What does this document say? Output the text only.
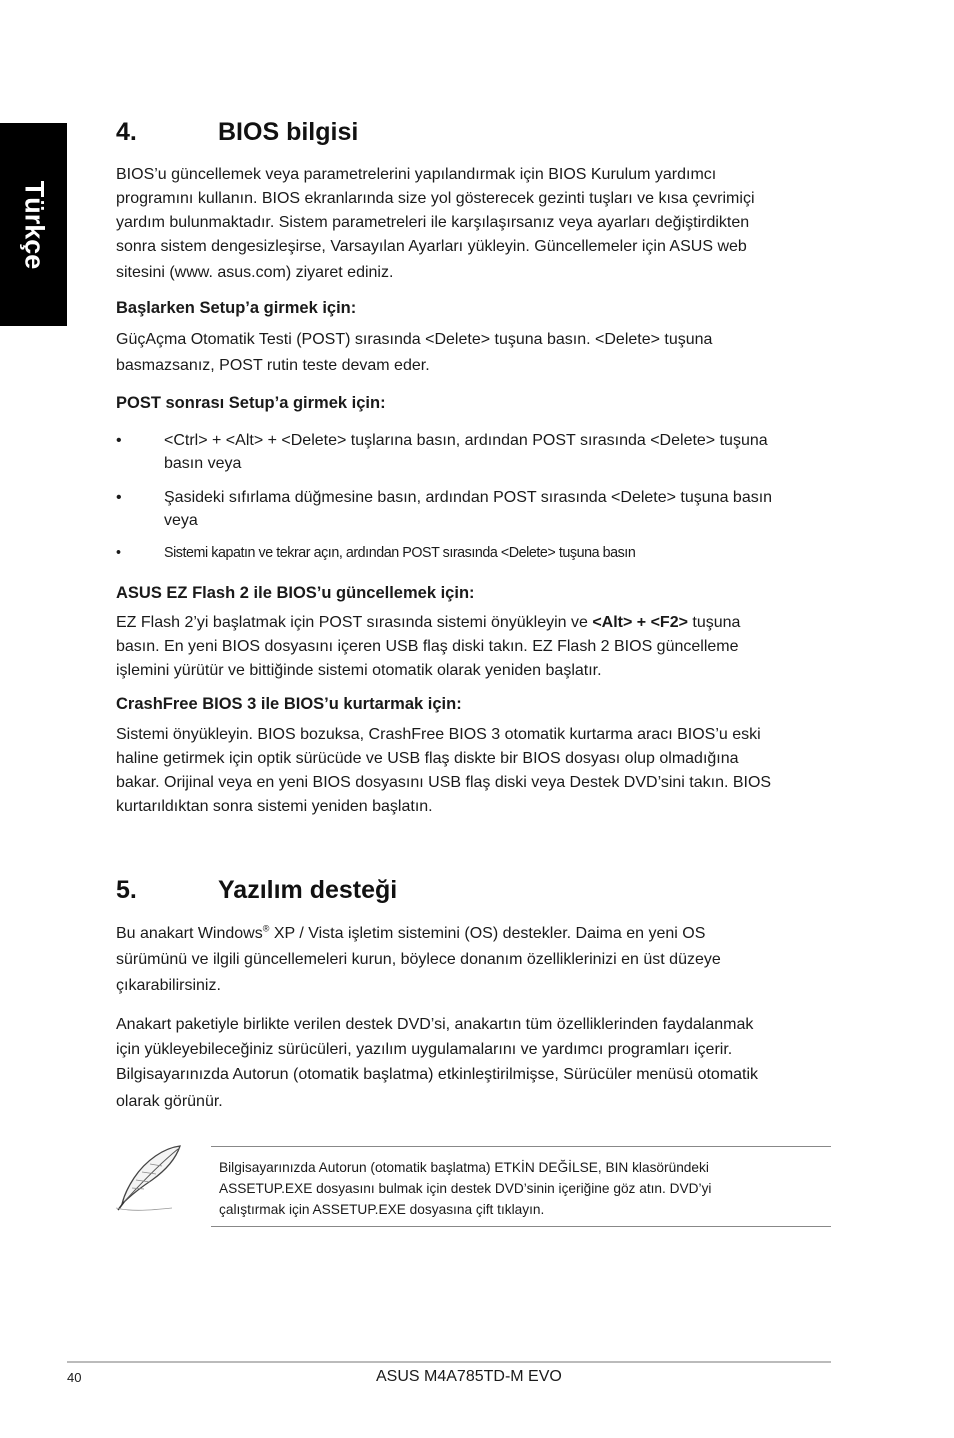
Türkçe
4.	BIOS bilgisi

BIOS’u güncellemek veya parametrelerini yapılandırmak için BIOS Kurulum yardımcı

programını kullanın. BIOS ekranlarında size yol gösterecek gezinti tuşları ve kısa çevrimiçi

yardım bulunmaktadır. Sistem parametreleri ile karşılaşırsanız veya ayarları değiştirdikten

sonra sistem dengesizleşirse, Varsayılan Ayarları yükleyin. Güncellemeler için ASUS web

sitesini (www. asus.com) ziyaret ediniz.

Başlarken Setup’a girmek için:

GüçAçma Otomatik Testi (POST) sırasında <Delete> tuşuna basın. <Delete> tuşuna

basmazsanız, POST rutin teste devam eder.

POST sonrası Setup’a girmek için:
•	<Ctrl> + <Alt> + <Delete> tuşlarına basın, ardından POST sırasında <Delete> tuşuna
basın veya
•	Şasideki sıfırlama düğmesine basın, ardından POST sırasında <Delete> tuşuna basın
veya
•	Sistemi kapatın ve tekrar açın, ardından POST sırasında <Delete> tuşuna basın
ASUS EZ Flash 2 ile BIOS’u güncellemek için:

EZ Flash 2’yi başlatmak için POST sırasında sistemi önyükleyin ve <Alt> + <F2> tuşuna

basın. En yeni BIOS dosyasını içeren USB flaş diski takın. EZ Flash 2 BIOS güncelleme

işlemini yürütür ve bittiğinde sistemi otomatik olarak yeniden başlatır.

CrashFree BIOS 3 ile BIOS’u kurtarmak için:

Sistemi önyükleyin. BIOS bozuksa, CrashFree BIOS 3 otomatik kurtarma aracı BIOS’u eski

haline getirmek için optik sürücüde ve USB flaş diskte bir BIOS dosyası olup olmadığına

bakar. Orijinal veya en yeni BIOS dosyasını USB flaş diski veya Destek DVD’sini takın. BIOS

kurtarıldıktan sonra sistemi yeniden başlatın.

5.	Yazılım desteği

Bu anakart Windows® XP / Vista işletim sistemini (OS) destekler. Daima en yeni OS

sürümünü ve ilgili güncellemeleri kurun, böylece donanım özelliklerinizi en üst düzeye

çıkarabilirsiniz.

Anakart paketiyle birlikte verilen destek DVD’si, anakartın tüm özelliklerinden faydalanmak

için yükleyebileceğiniz sürücüleri, yazılım uygulamalarını ve yardımcı programları içerir.

Bilgisayarınızda Autorun (otomatik başlatma) etkinleştirilmişse, Sürücüler menüsü otomatik

olarak görünür.

Bilgisayarınızda Autorun (otomatik başlatma) ETKİN DEĞİLSE, BIN klasöründeki
ASSETUP.EXE dosyasını bulmak için destek DVD’sinin içeriğine göz atın. DVD’yi
çalıştırmak için ASSETUP.EXE dosyasına çift tıklayın.
40	ASUS M4A785TD-M EVO
